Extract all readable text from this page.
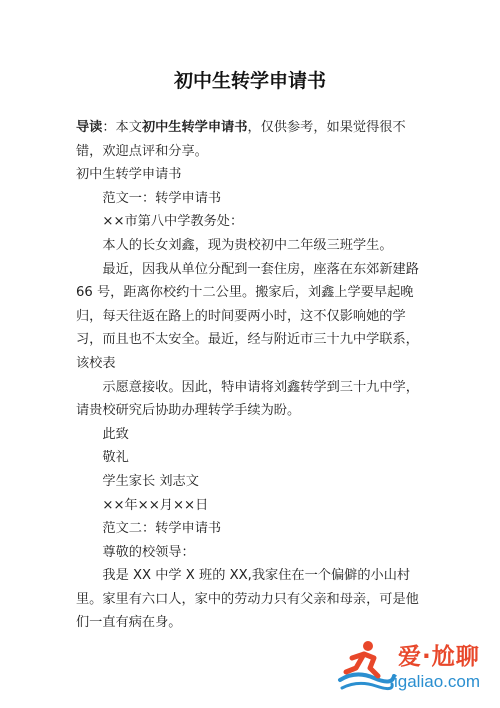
初中生转学申请书

导读：本文初中生转学申请书，仅供参考，如果觉得很不错，欢迎点评和分享。

初中生转学申请书

范文一：转学申请书

××市第八中学教务处：

本人的长女刘鑫，现为贵校初中二年级三班学生。

最近，因我从单位分配到一套住房，座落在东郊新建路 66 号，距离你校约十二公里。搬家后，刘鑫上学要早起晚归，每天往返在路上的时间要两小时，这不仅影响她的学习，而且也不太安全。最近，经与附近市三十九中学联系，该校表

示愿意接收。因此，特申请将刘鑫转学到三十九中学，请贵校研究后协助办理转学手续为盼。

此致

敬礼

学生家长 刘志文

××年××月××日

范文二：转学申请书

尊敬的校领导：

我是 XX 中学 X 班的 XX,我家住在一个偏僻的小山村里。家里有六口人，家中的劳动力只有父亲和母亲，可是他们一直有病在身。

爱·尬聊
igaliao.com
